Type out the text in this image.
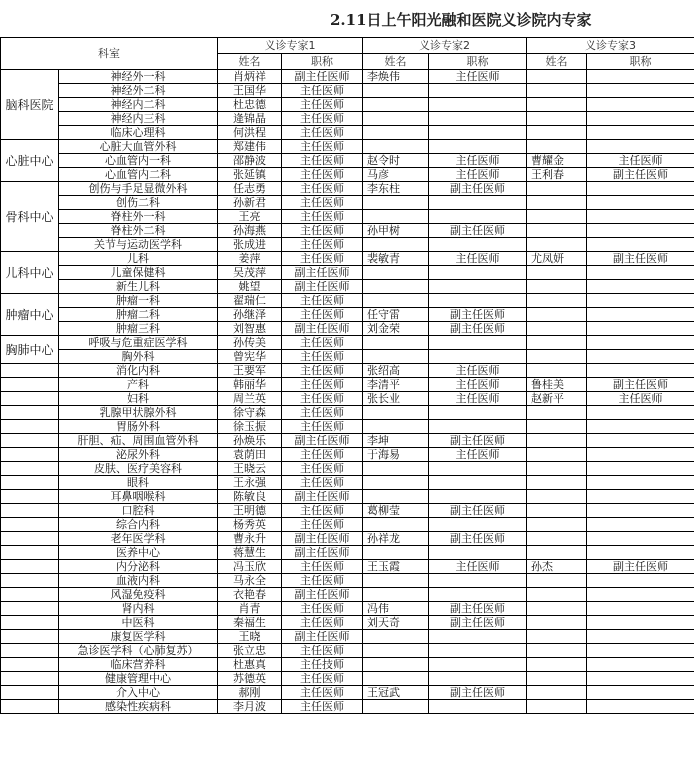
2.11日上午阳光融和医院义诊院内专家
科室		义诊专家1		义诊专家2		义诊专家3	
		姓名	职称	姓名	职称	姓名	职称
脑科医院	神经外一科	肖炳祥	副主任医师	李焕伟	主任医师		
	神经外二科	王国华	主任医师				
	神经内二科	杜忠德	主任医师				
	神经内三科	逄锦晶	主任医师				
	临床心理科	何洪程	主任医师				
心脏中心	心脏大血管外科	郑建伟	主任医师				
	心血管内一科	邵静波	主任医师	赵令时	主任医师	曹耀金	主任医师
	心血管内二科	张延镇	主任医师	马彦	主任医师	王利春	副主任医师
骨科中心	创伤与手足显微外科	任志勇	主任医师	李东柱	副主任医师		
	创伤二科	孙新君	主任医师				
	脊柱外一科	王亮	主任医师				
	脊柱外二科	孙海燕	主任医师	孙甲树	副主任医师		
	关节与运动医学科	张成进	主任医师				
儿科中心	儿科	姜萍	主任医师	裴敏青	主任医师	尤凤妍	副主任医师
	儿童保健科	吴茂萍	副主任医师				
	新生儿科	姚望	副主任医师				
肿瘤中心	肿瘤一科	翟瑞仁	主任医师				
	肿瘤二科	孙继泽	主任医师	任守雷	副主任医师		
	肿瘤三科	刘智惠	副主任医师	刘金荣	副主任医师		
胸肺中心	呼吸与危重症医学科	孙传美	主任医师				
	胸外科	曾宪华	主任医师				
	消化内科	王要军	主任医师	张绍高	主任医师		
	产科	韩丽华	主任医师	李清平	主任医师	鲁桂美	副主任医师
	妇科	周兰英	主任医师	张长业	主任医师	赵新平	主任医师
	乳腺甲状腺外科	徐守森	主任医师				
	胃肠外科	徐玉振	主任医师				
	肝胆、疝、周围血管外科	孙焕乐	副主任医师	李坤	副主任医师		
	泌尿外科	袁荫田	主任医师	于海易	主任医师		
	皮肤、医疗美容科	王晓云	主任医师				
	眼科	王永强	主任医师				
	耳鼻咽喉科	陈敏良	副主任医师				
	口腔科	王明德	主任医师	葛柳莹	副主任医师		
	综合内科	杨秀英	主任医师				
	老年医学科	曹永升	副主任医师	孙祥龙	副主任医师		
	医养中心	蒋慧生	副主任医师				
	内分泌科	冯玉欣	主任医师	王玉霞	主任医师	孙杰	副主任医师
	血液内科	马永全	主任医师				
	风湿免疫科	衣艳春	副主任医师				
	肾内科	肖青	主任医师	冯伟	副主任医师		
	中医科	秦福生	主任医师	刘天奇	副主任医师		
	康复医学科	王晓	副主任医师				
	急诊医学科（心肺复苏）	张立忠	主任医师				
	临床营养科	杜惠真	主任技师				
	健康管理中心	苏德英	主任医师				
	介入中心	郝刚	主任医师	王冠武	副主任医师		
	感染性疾病科	李月波	主任医师				
